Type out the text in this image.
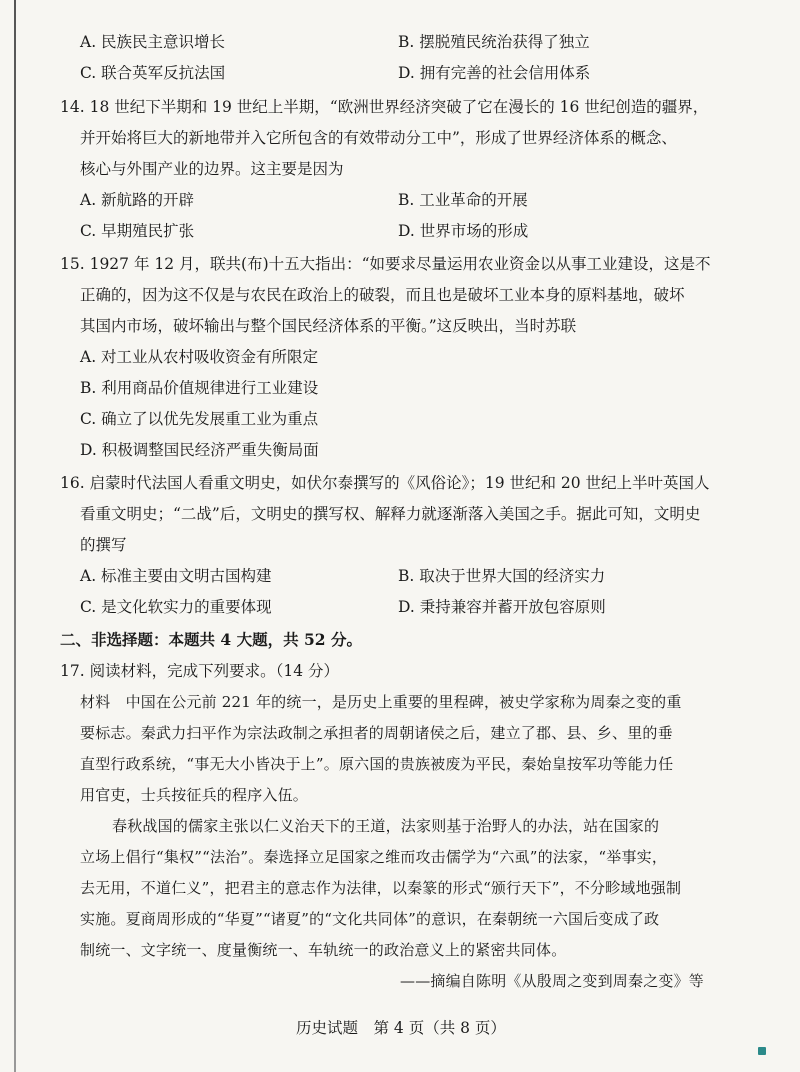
A. 民族民主意识增长	B. 摆脱殖民统治获得了独立
C. 联合英军反抗法国	D. 拥有完善的社会信用体系
14. 18 世纪下半期和 19 世纪上半期，“欧洲世界经济突破了它在漫长的 16 世纪创造的疆界，
并开始将巨大的新地带并入它所包含的有效带动分工中”，形成了世界经济体系的概念、
核心与外围产业的边界。这主要是因为
A. 新航路的开辟	B. 工业革命的开展
C. 早期殖民扩张	D. 世界市场的形成
15. 1927 年 12 月，联共(布)十五大指出：“如要求尽量运用农业资金以从事工业建设，这是不
正确的，因为这不仅是与农民在政治上的破裂，而且也是破坏工业本身的原料基地，破坏
其国内市场，破坏输出与整个国民经济体系的平衡。”这反映出，当时苏联
A. 对工业从农村吸收资金有所限定
B. 利用商品价值规律进行工业建设
C. 确立了以优先发展重工业为重点
D. 积极调整国民经济严重失衡局面
16. 启蒙时代法国人看重文明史，如伏尔泰撰写的《风俗论》；19 世纪和 20 世纪上半叶英国人
看重文明史；“二战”后，文明史的撰写权、解释力就逐渐落入美国之手。据此可知，文明史
的撰写
A. 标准主要由文明古国构建	B. 取决于世界大国的经济实力
C. 是文化软实力的重要体现	D. 秉持兼容并蓄开放包容原则
二、非选择题：本题共 4 大题，共 52 分。
17. 阅读材料，完成下列要求。（14 分）
材料　中国在公元前 221 年的统一，是历史上重要的里程碑，被史学家称为周秦之变的重
要标志。秦武力扫平作为宗法政制之承担者的周朝诸侯之后，建立了郡、县、乡、里的垂
直型行政系统，“事无大小皆决于上”。原六国的贵族被废为平民，秦始皇按军功等能力任
用官吏，士兵按征兵的程序入伍。
春秋战国的儒家主张以仁义治天下的王道，法家则基于治野人的办法，站在国家的
立场上倡行“集权”“法治”。秦选择立足国家之维而攻击儒学为“六虱”的法家，“举事实，
去无用，不道仁义”，把君主的意志作为法律，以秦篆的形式“颁行天下”，不分畛域地强制
实施。夏商周形成的“华夏”“诸夏”的“文化共同体”的意识，在秦朝统一六国后变成了政
制统一、文字统一、度量衡统一、车轨统一的政治意义上的紧密共同体。
——摘编自陈明《从殷周之变到周秦之变》等
历史试题　第 4 页（共 8 页）
